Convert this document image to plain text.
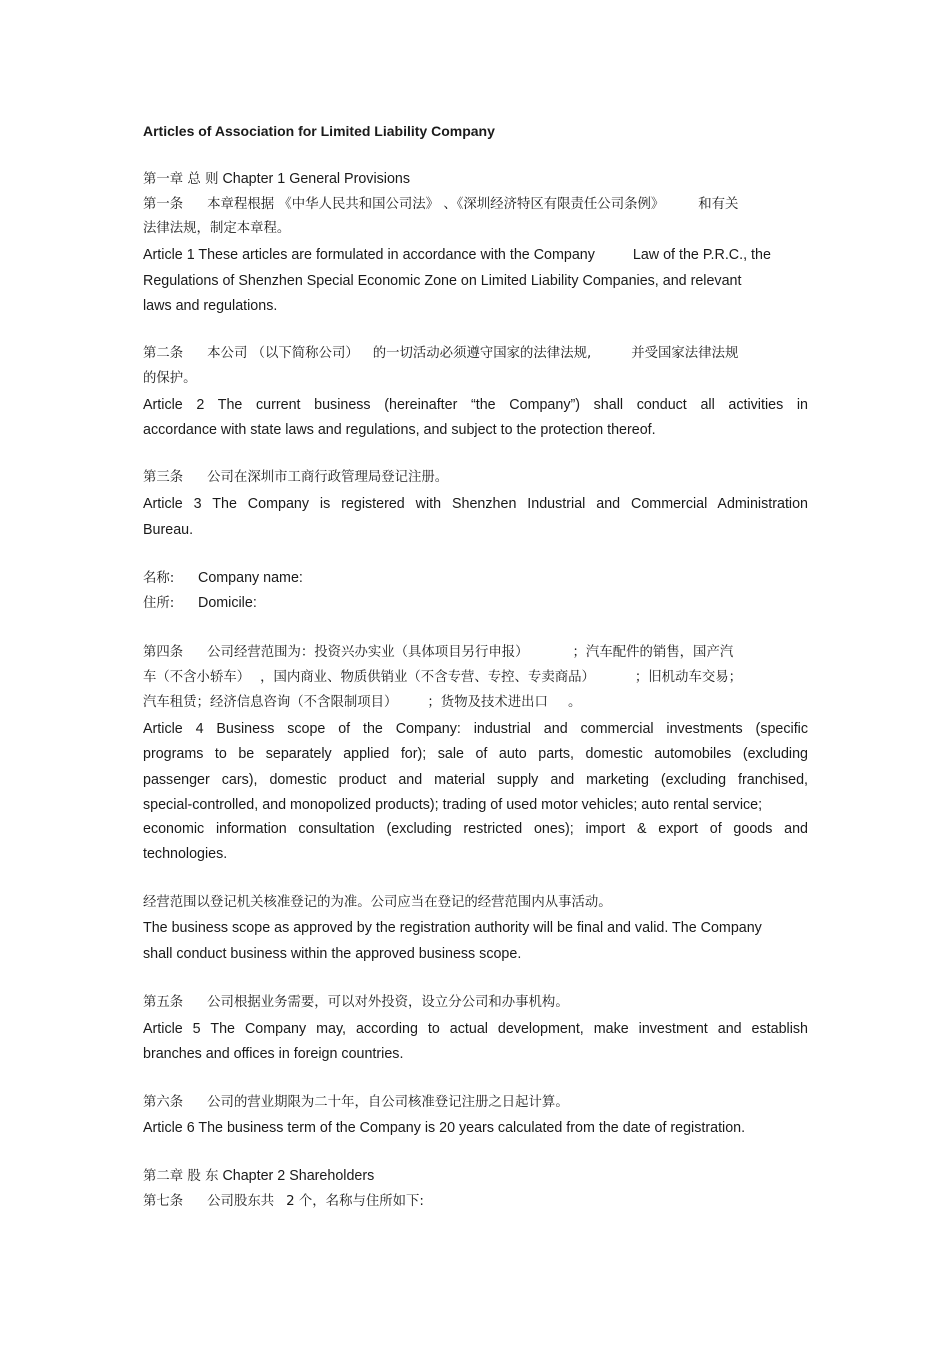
Articles of Association for Limited Liability Company

第一章 总 则 Chapter 1 General Provisions

第一条 本章程根据 《中华人民共和国公司法》 、《深圳经济特区有限责任公司条例》	和有关

法律法规，制定本章程。

Article 1 These articles are formulated in accordance with the Company	Law of the P.R.C., the

Regulations of Shenzhen Special Economic Zone on Limited Liability Companies, and relevant

laws and regulations.

第二条 本公司 （以下简称公司） 的一切活动必须遵守国家的法律法规,	并受国家法律法规

的保护。

Article 2 The current business (hereinafter “the Company”) shall conduct all activities in

accordance with state laws and regulations, and subject to the protection thereof.

第三条 公司在深圳市工商行政管理局登记注册。

Article 3 The Company is registered with Shenzhen Industrial and Commercial Administration

Bureau.

名称: Company name:

住所: Domicile:

第四条 公司经营范围为：投资兴办实业（具体项目另行申报）	；汽车配件的销售，国产汽

车（不含小轿车） ，国内商业、物质供销业（不含专营、专控、专卖商品）	；旧机动车交易；

汽车租赁；经济信息咨询（不含限制项目） ；货物及技术进出口 。

Article 4 Business scope of the Company: industrial and commercial investments (specific

programs to be separately applied for); sale of auto parts, domestic automobiles (excluding

passenger cars), domestic product and material supply and marketing (excluding franchised,

special-controlled, and monopolized products); trading of used motor vehicles; auto rental service;

economic information consultation (excluding restricted ones); import & export of goods and

technologies.

经营范围以登记机关核准登记的为准。公司应当在登记的经营范围内从事活动。

The business scope as approved by the registration authority will be final and valid. The Company

shall conduct business within the approved business scope.

第五条 公司根据业务需要，可以对外投资，设立分公司和办事机构。

Article 5 The Company may, according to actual development, make investment and establish

branches and offices in foreign countries.

第六条 公司的营业期限为二十年，自公司核准登记注册之日起计算。

Article 6 The business term of the Company is 20 years calculated from the date of registration.

第二章 股 东 Chapter 2 Shareholders

第七条 公司股东共 2 个，名称与住所如下:
